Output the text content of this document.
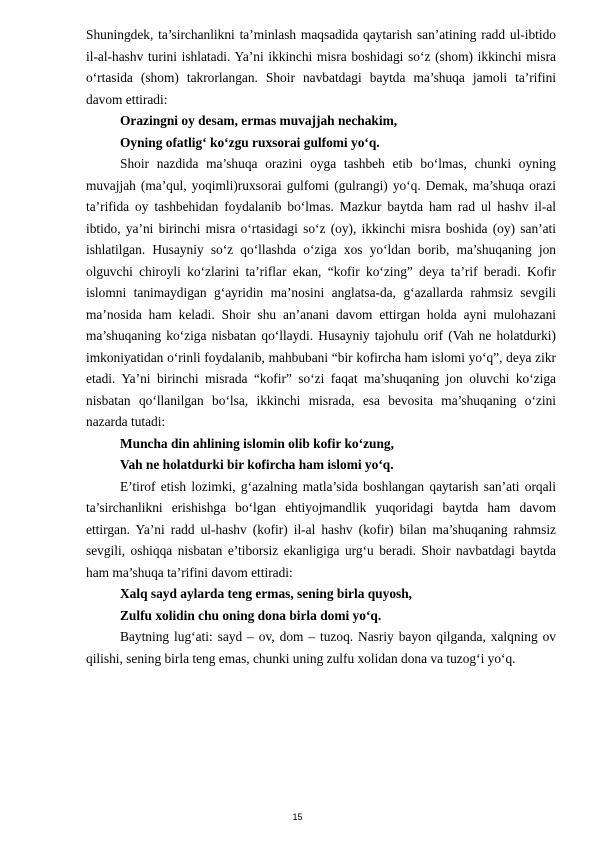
Shuningdek, ta’sirchanlikni ta’minlash maqsadida qaytarish san’atining radd ul-ibtido il-al-hashv turini ishlatadi. Ya’ni ikkinchi misra boshidagi so‘z (shom) ikkinchi misra o‘rtasida (shom) takrorlangan. Shoir navbatdagi baytda ma’shuqa jamoli ta’rifini davom ettiradi:

Orazingni oy desam, ermas muvajjah nechakim,

Oyning ofatlig‘ ko‘zgu ruxsorai gulfomi yo‘q.

Shoir nazdida ma’shuqa orazini oyga tashbeh etib bo‘lmas, chunki oyning muvajjah (ma’qul, yoqimli)ruxsorai gulfomi (gulrangi) yo‘q. Demak, ma’shuqa orazi ta’rifida oy tashbehidan foydalanib bo‘lmas. Mazkur baytda ham rad ul hashv il-al ibtido, ya’ni birinchi misra o‘rtasidagi so‘z (oy), ikkinchi misra boshida (oy) san’ati ishlatilgan. Husayniy so‘z qo‘llashda o‘ziga xos yo‘ldan borib, ma’shuqaning jon olguvchi chiroyli ko‘zlarini ta’riflar ekan, “kofir ko‘zing” deya ta’rif beradi. Kofir islomni tanimaydigan g‘ayridin ma’nosini anglatsa-da, g‘azallarda rahmsiz sevgili ma’nosida ham keladi. Shoir shu an’anani davom ettirgan holda ayni mulohazani ma’shuqaning ko‘ziga nisbatan qo‘llaydi. Husayniy tajohulu orif (Vah ne holatdurki) imkoniyatidan o‘rinli foydalanib, mahbubani “bir kofircha ham islomi yo‘q”, deya zikr etadi. Ya’ni birinchi misrada “kofir” so‘zi faqat ma’shuqaning jon oluvchi ko‘ziga nisbatan qo‘llanilgan bo‘lsa, ikkinchi misrada, esa bevosita ma’shuqaning o‘zini nazarda tutadi:

Muncha din ahlining islomin olib kofir ko‘zung,

Vah ne holatdurki bir kofircha ham islomi yo‘q.

E’tirof etish lozimki, g‘azalning matla’sida boshlangan qaytarish san’ati orqali ta’sirchanlikni erishishga bo‘lgan ehtiyojmandlik yuqoridagi baytda ham davom ettirgan. Ya’ni radd ul-hashv (kofir) il-al hashv (kofir) bilan ma’shuqaning rahmsiz sevgili, oshiqqa nisbatan e’tiborsiz ekanligiga urg‘u beradi. Shoir navbatdagi baytda ham ma’shuqa ta’rifini davom ettiradi:

Xalq sayd aylarda teng ermas, sening birla quyosh,

Zulfu xolidin chu oning dona birla domi yo‘q.

Baytning lug‘ati: sayd – ov, dom – tuzoq. Nasriy bayon qilganda, xalqning ov qilishi, sening birla teng emas, chunki uning zulfu xolidan dona va tuzog‘i yo‘q.

15
